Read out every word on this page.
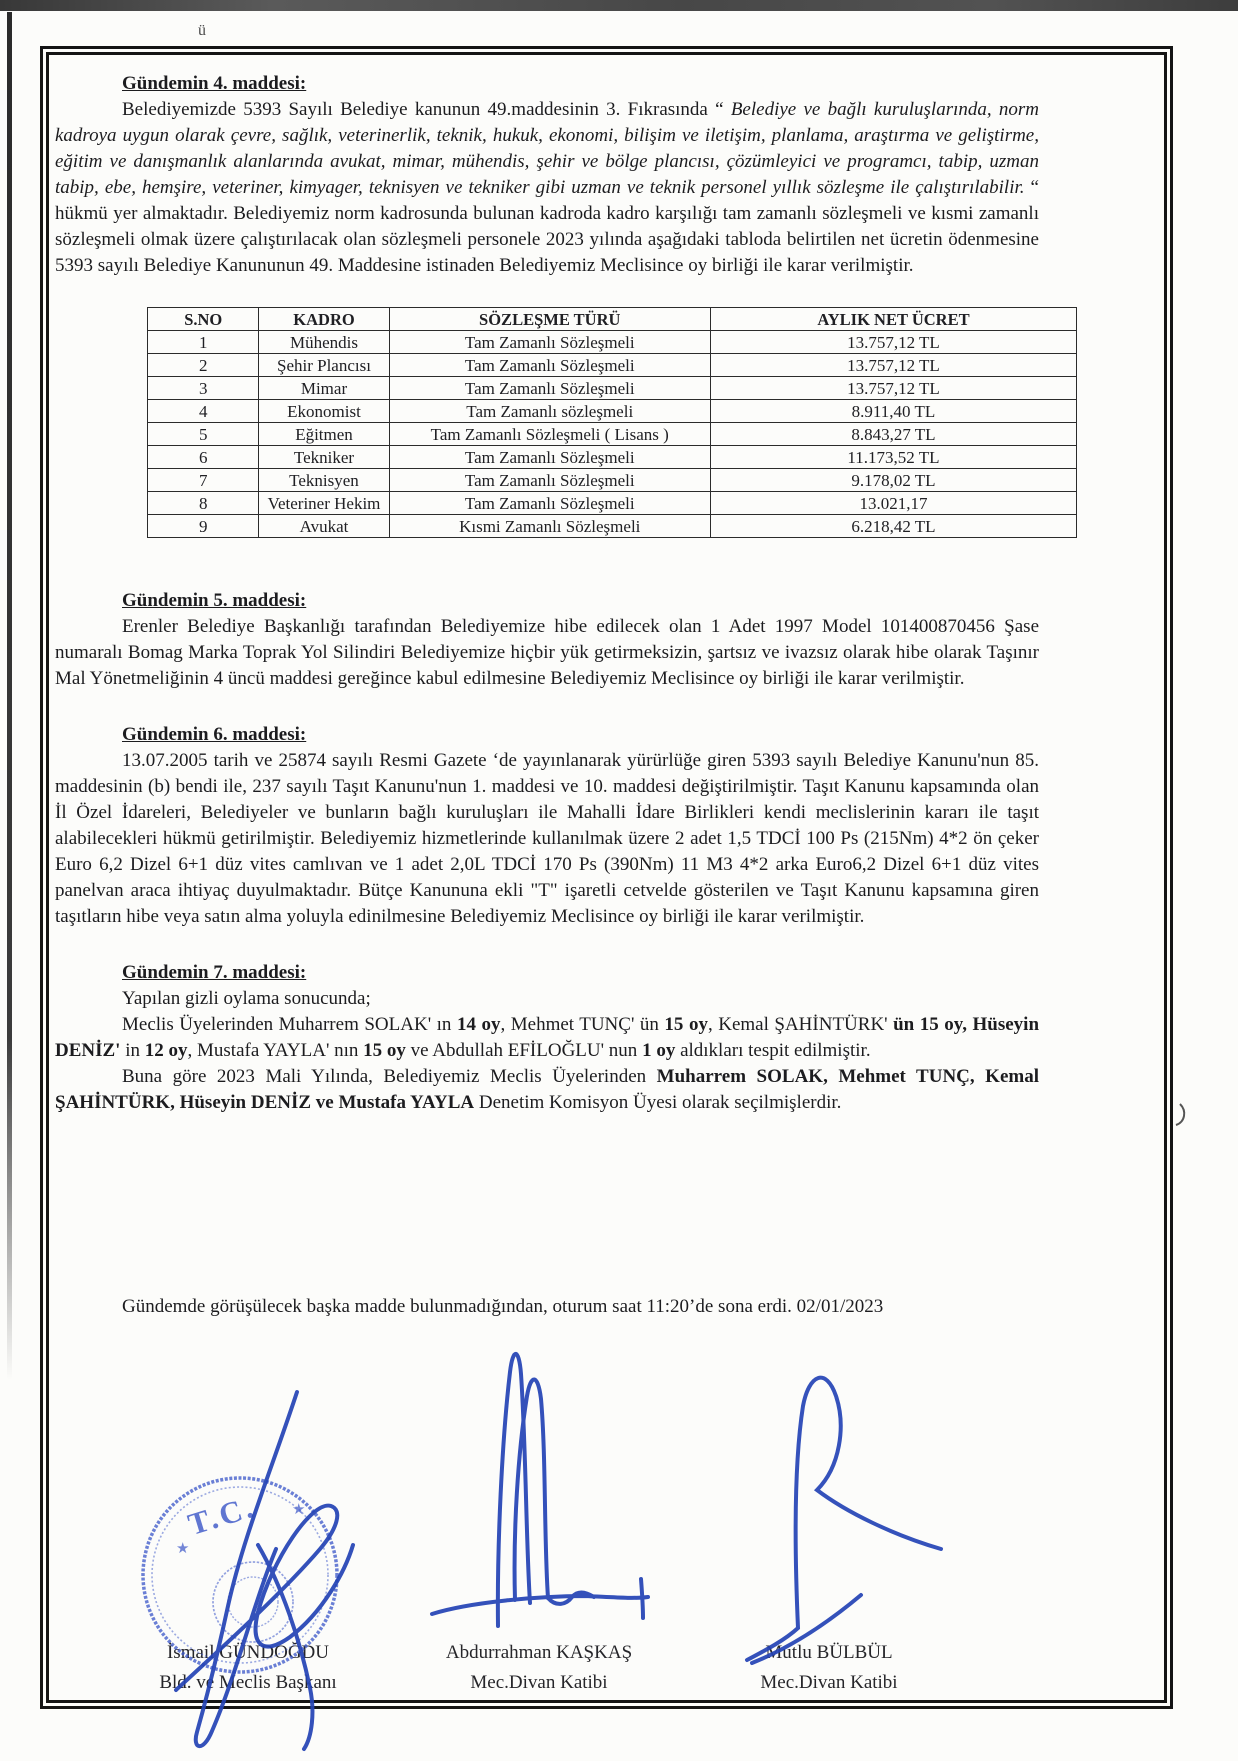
ü
Gündemin 4. maddesi:

Belediyemizde 5393 Sayılı Belediye kanunun 49.maddesinin 3. Fıkrasında “ Belediye ve bağlı kuruluşlarında, norm kadroya uygun olarak çevre, sağlık, veterinerlik, teknik, hukuk, ekonomi, bilişim ve iletişim, planlama, araştırma ve geliştirme, eğitim ve danışmanlık alanlarında avukat, mimar, mühendis, şehir ve bölge plancısı, çözümleyici ve programcı, tabip, uzman tabip, ebe, hemşire, veteriner, kimyager, teknisyen ve tekniker gibi uzman ve teknik personel yıllık sözleşme ile çalıştırılabilir. “ hükmü yer almaktadır. Belediyemiz norm kadrosunda bulunan kadroda kadro karşılığı tam zamanlı sözleşmeli ve kısmi zamanlı sözleşmeli olmak üzere çalıştırılacak olan sözleşmeli personele 2023 yılında aşağıdaki tabloda belirtilen net ücretin ödenmesine 5393 sayılı Belediye Kanununun 49. Maddesine istinaden Belediyemiz Meclisince oy birliği ile karar verilmiştir.

S.NO	KADRO	SÖZLEŞME TÜRÜ	AYLIK NET ÜCRET
1	Mühendis	Tam Zamanlı Sözleşmeli	13.757,12 TL
2	Şehir Plancısı	Tam Zamanlı Sözleşmeli	13.757,12 TL
3	Mimar	Tam Zamanlı Sözleşmeli	13.757,12 TL
4	Ekonomist	Tam Zamanlı sözleşmeli	8.911,40 TL
5	Eğitmen	Tam Zamanlı Sözleşmeli ( Lisans )	8.843,27 TL
6	Tekniker	Tam Zamanlı Sözleşmeli	11.173,52 TL
7	Teknisyen	Tam Zamanlı Sözleşmeli	9.178,02 TL
8	Veteriner Hekim	Tam Zamanlı Sözleşmeli	13.021,17
9	Avukat	Kısmi Zamanlı Sözleşmeli	6.218,42 TL
Gündemin 5. maddesi:

Erenler Belediye Başkanlığı tarafından Belediyemize hibe edilecek olan 1 Adet 1997 Model 101400870456 Şase numaralı Bomag Marka Toprak Yol Silindiri Belediyemize hiçbir yük getirmeksizin, şartsız ve ivazsız olarak hibe olarak Taşınır Mal Yönetmeliğinin 4 üncü maddesi gereğince kabul edilmesine Belediyemiz Meclisince oy birliği ile karar verilmiştir.

Gündemin 6. maddesi:

13.07.2005 tarih ve 25874 sayılı Resmi Gazete ‘de yayınlanarak yürürlüğe giren 5393 sayılı Belediye Kanunu'nun 85. maddesinin (b) bendi ile, 237 sayılı Taşıt Kanunu'nun 1. maddesi ve 10. maddesi değiştirilmiştir. Taşıt Kanunu kapsamında olan İl Özel İdareleri, Belediyeler ve bunların bağlı kuruluşları ile Mahalli İdare Birlikleri kendi meclislerinin kararı ile taşıt alabilecekleri hükmü getirilmiştir. Belediyemiz hizmetlerinde kullanılmak üzere 2 adet 1,5 TDCİ 100 Ps (215Nm) 4*2 ön çeker Euro 6,2 Dizel 6+1 düz vites camlıvan ve 1 adet 2,0L TDCİ 170 Ps (390Nm) 11 M3 4*2 arka Euro6,2 Dizel 6+1 düz vites panelvan araca ihtiyaç duyulmaktadır. Bütçe Kanununa ekli "T" işaretli cetvelde gösterilen ve Taşıt Kanunu kapsamına giren taşıtların hibe veya satın alma yoluyla edinilmesine Belediyemiz Meclisince oy birliği ile karar verilmiştir.

Gündemin 7. maddesi:

Yapılan gizli oylama sonucunda;

Meclis Üyelerinden Muharrem SOLAK' ın 14 oy, Mehmet TUNÇ' ün 15 oy, Kemal ŞAHİNTÜRK' ün 15 oy, Hüseyin DENİZ' in 12 oy, Mustafa YAYLA' nın 15 oy ve Abdullah EFİLOĞLU' nun 1 oy aldıkları tespit edilmiştir.

Buna göre 2023 Mali Yılında, Belediyemiz Meclis Üyelerinden Muharrem SOLAK, Mehmet TUNÇ, Kemal ŞAHİNTÜRK, Hüseyin DENİZ ve Mustafa YAYLA Denetim Komisyon Üyesi olarak seçilmişlerdir.

Gündemde görüşülecek başka madde bulunmadığından, oturum saat 11:20’de sona erdi. 02/01/2023

İsmail GÜNDOĞDU
Bld. ve Meclis Başkanı
Abdurrahman KAŞKAŞ
Mec.Divan Katibi
Mutlu BÜLBÜL
Mec.Divan Katibi
T.C.
★
★
